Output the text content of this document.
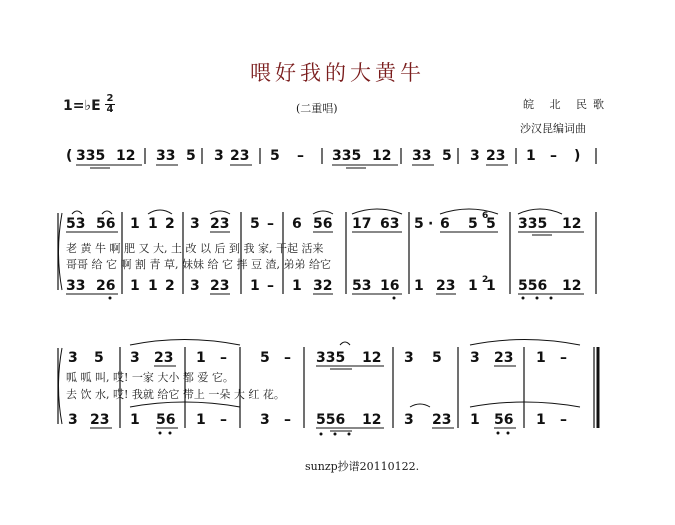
喂好我的大黄牛
1=♭E 2
4	(二重唱)	皖 北 民歌
沙汉昆编词曲
( 335 12 33 5 3 23 5 – 335 12 33 5 3 23 1 – )
53 56 1 1 2 3 23 5 – 6 56 17 63 5 · 6 5 5
6 335 12
老 黄 牛 啊 肥 又 大, 土 改 以 后 到 我 家, 干起 活来
哥哥 给 它 啊 割 青 草, 妹妹 给 它 拌 豆 渣, 弟弟 给它
33 26 1 1 2 3 23 1 – 1 32 53 16 1 23 1 1
2 556 12
3 5 3 23 1 – 5 – 335 12 3 5 3 23 1 –
呱 呱 叫, 哎! 一家 大小 都 爱 它。
去 饮 水, 哎! 我就 给它 带上 一朵 大 红 花。
3 23 1 56 1 – 3 – 556 12 3 23 1 56 1 –
sunzp抄谱20110122.
